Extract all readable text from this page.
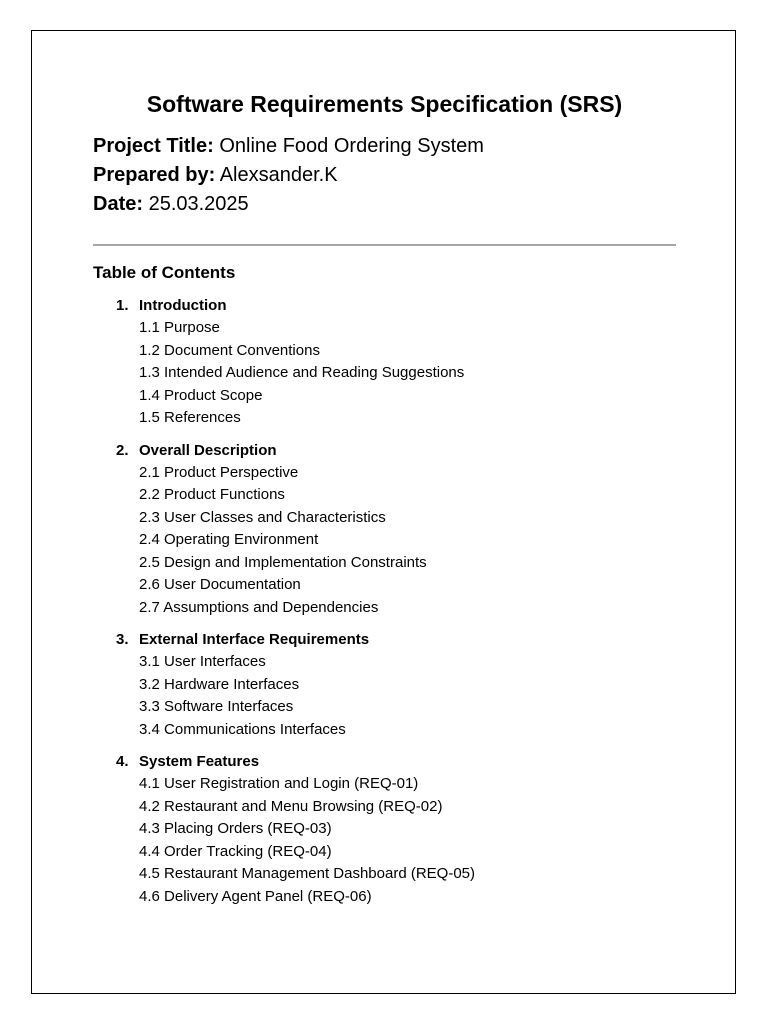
Software Requirements Specification (SRS)
Project Title: Online Food Ordering System
Prepared by: Alexsander.K
Date: 25.03.2025
Table of Contents
1. Introduction
1.1 Purpose
1.2 Document Conventions
1.3 Intended Audience and Reading Suggestions
1.4 Product Scope
1.5 References
2. Overall Description
2.1 Product Perspective
2.2 Product Functions
2.3 User Classes and Characteristics
2.4 Operating Environment
2.5 Design and Implementation Constraints
2.6 User Documentation
2.7 Assumptions and Dependencies
3. External Interface Requirements
3.1 User Interfaces
3.2 Hardware Interfaces
3.3 Software Interfaces
3.4 Communications Interfaces
4. System Features
4.1 User Registration and Login (REQ-01)
4.2 Restaurant and Menu Browsing (REQ-02)
4.3 Placing Orders (REQ-03)
4.4 Order Tracking (REQ-04)
4.5 Restaurant Management Dashboard (REQ-05)
4.6 Delivery Agent Panel (REQ-06)
